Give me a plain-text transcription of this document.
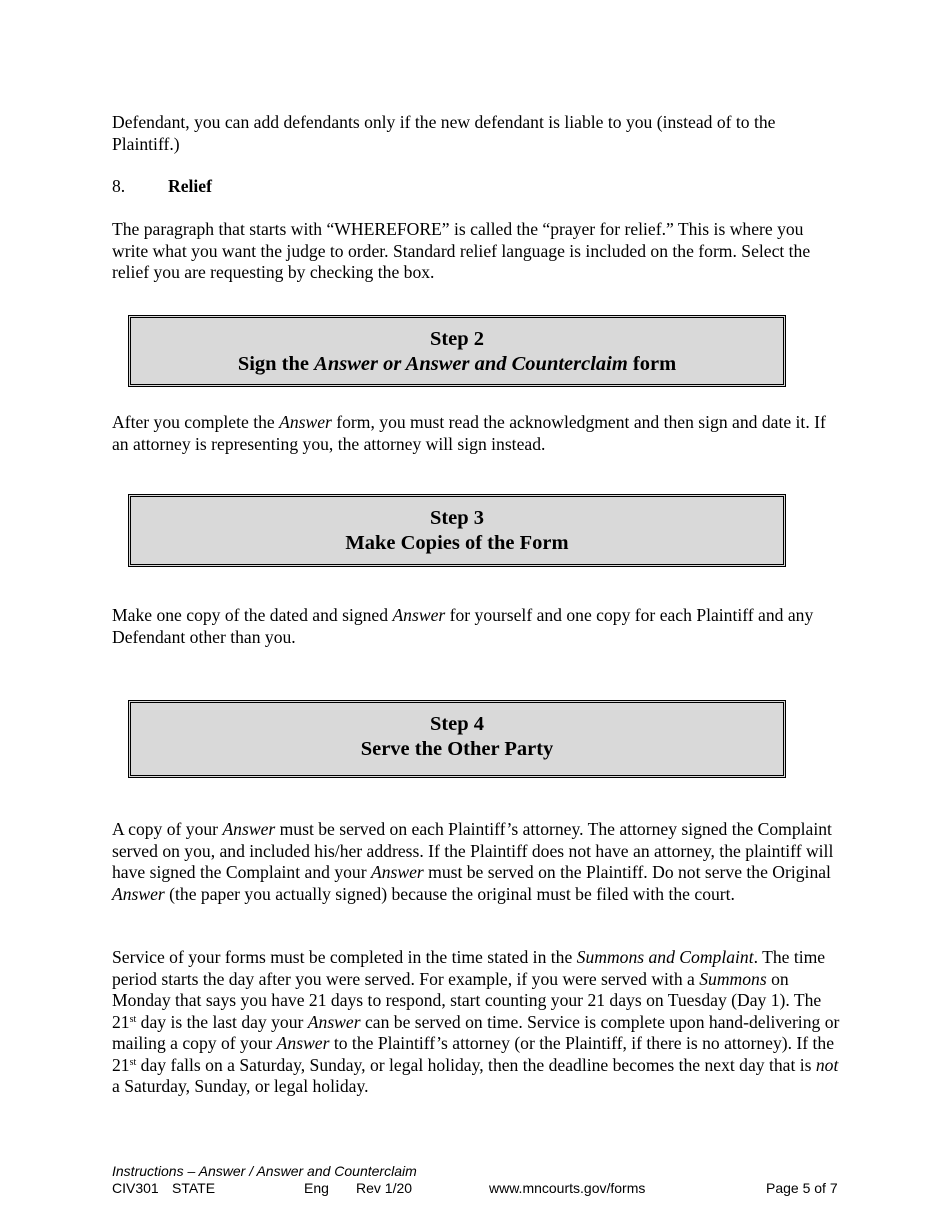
Defendant, you can add defendants only if the new defendant is liable to you (instead of to the Plaintiff.)

8. Relief

The paragraph that starts with “WHEREFORE” is called the “prayer for relief.” This is where you write what you want the judge to order. Standard relief language is included on the form. Select the relief you are requesting by checking the box.

Step 2
Sign the Answer or Answer and Counterclaim form

After you complete the Answer form, you must read the acknowledgment and then sign and date it. If an attorney is representing you, the attorney will sign instead.

Step 3
Make Copies of the Form

Make one copy of the dated and signed Answer for yourself and one copy for each Plaintiff and any Defendant other than you.

Step 4
Serve the Other Party

A copy of your Answer must be served on each Plaintiff’s attorney. The attorney signed the Complaint served on you, and included his/her address. If the Plaintiff does not have an attorney, the plaintiff will have signed the Complaint and your Answer must be served on the Plaintiff. Do not serve the Original Answer (the paper you actually signed) because the original must be filed with the court.

Service of your forms must be completed in the time stated in the Summons and Complaint. The time period starts the day after you were served. For example, if you were served with a Summons on Monday that says you have 21 days to respond, start counting your 21 days on Tuesday (Day 1). The 21st day is the last day your Answer can be served on time. Service is complete upon hand-delivering or mailing a copy of your Answer to the Plaintiff’s attorney (or the Plaintiff, if there is no attorney). If the 21st day falls on a Saturday, Sunday, or legal holiday, then the deadline becomes the next day that is not a Saturday, Sunday, or legal holiday.

Instructions – Answer / Answer and Counterclaim
CIV301 STATE	Eng Rev 1/20	www.mncourts.gov/forms	Page 5 of 7
